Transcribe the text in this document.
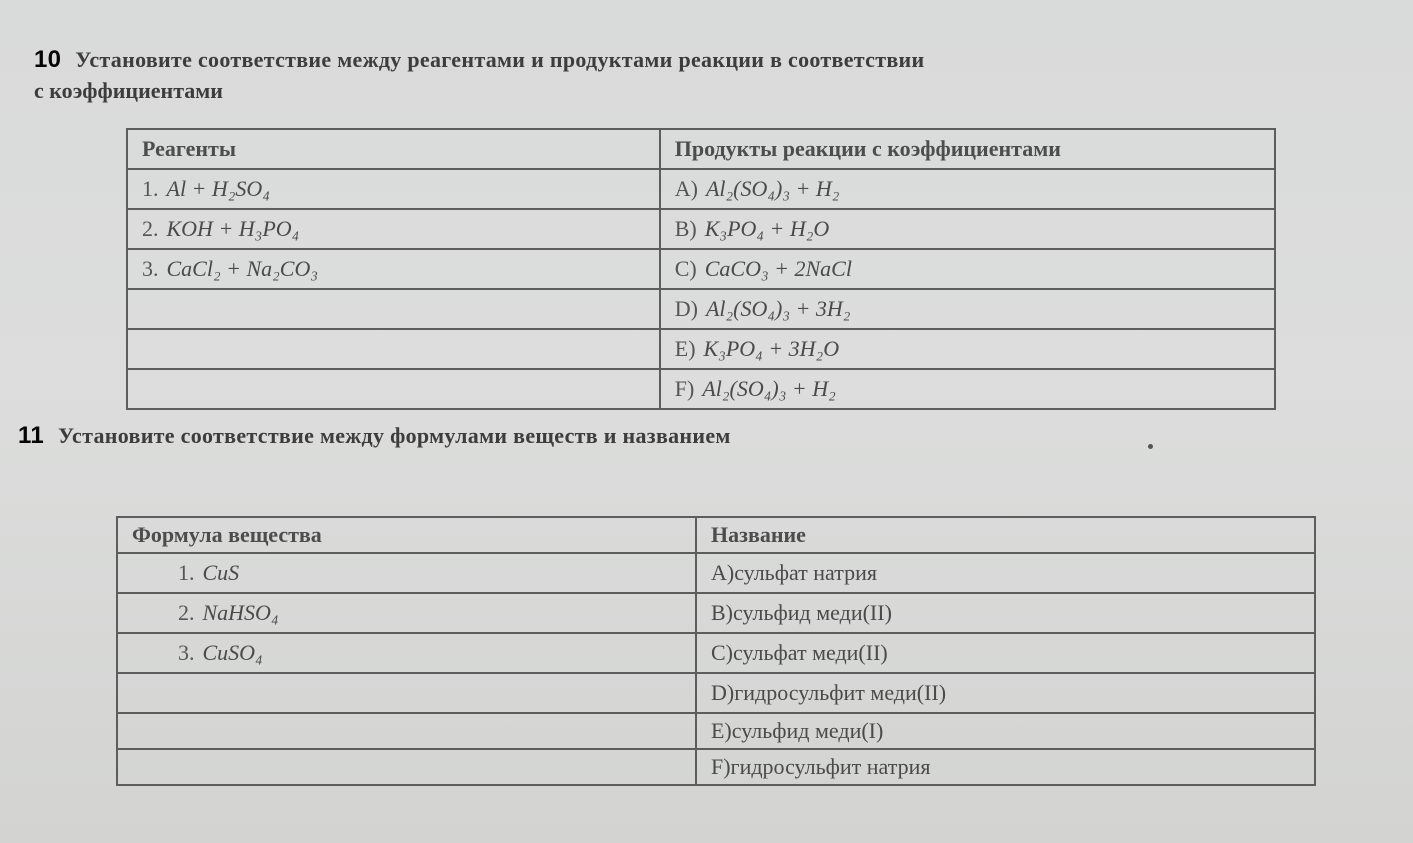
10 Установите соответствие между реагентами и продуктами реакции в соответствии
с коэффициентами
Реагенты	Продукты реакции с коэффициентами
1. Al + H₂SO₄	A) Al₂(SO₄)₃ + H₂
2. KOH + H₃PO₄	B) K₃PO₄ + H₂O
3. CaCl₂ + Na₂CO₃	C) CaCO₃ + 2NaCl
	D) Al₂(SO₄)₃ + 3H₂
	E) K₃PO₄ + 3H₂O
	F) Al₂(SO₄)₃ + H₂
11 Установите соответствие между формулами веществ и названием
Формула вещества	Название
1. CuS	A)сульфат натрия
2. NaHSO₄	B)сульфид меди(II)
3. CuSO₄	C)сульфат меди(II)
	D)гидросульфит меди(II)
	E)сульфид меди(I)
	F)гидросульфит натрия
